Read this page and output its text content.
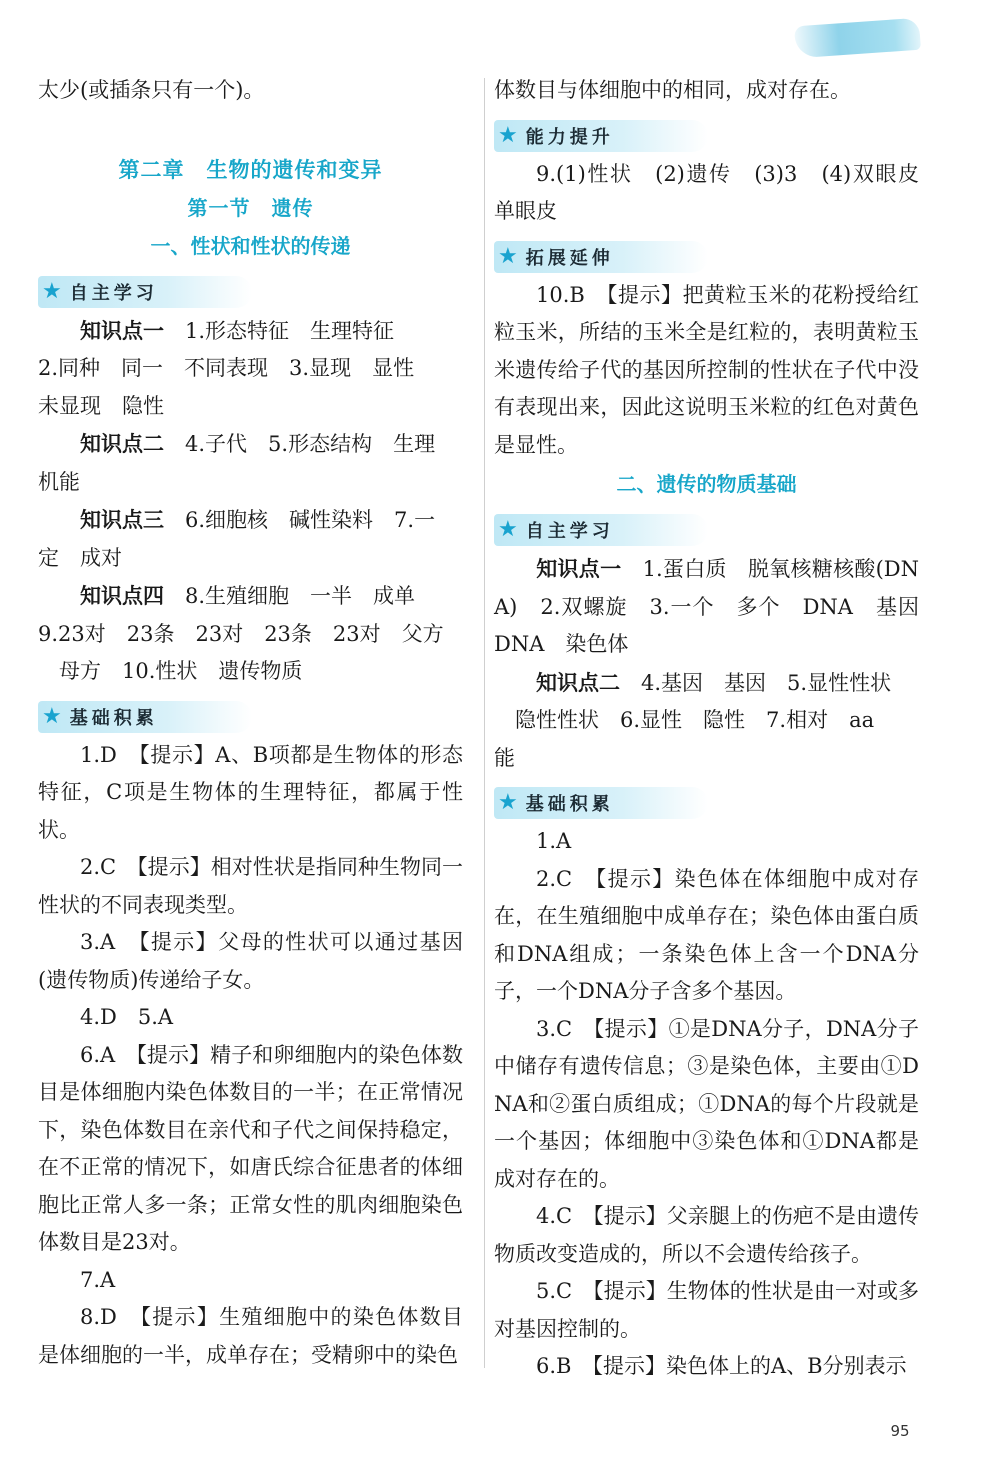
太少(或插条只有一个)。

第二章　生物的遗传和变异

第一节　遗传

一、性状和性状的传递

★ 自主学习

知识点一　 1.形态特征　生理特征

2.同种　同一　不同表现　3.显现　显性

未显现　隐性

知识点二　 4.子代　5.形态结构　生理

机能

知识点三　 6.细胞核　碱性染料　7.一

定　成对

知识点四　 8.生殖细胞　一半　成单

9.23对　23条　23对　23条　23对　父方

母方　10.性状　遗传物质

★ 基础积累

1.D　【提示】A、B项都是生物体的形态特征，C项是生物体的生理特征，都属于性状。

2.C　【提示】相对性状是指同种生物同一性状的不同表现类型。

3.A　【提示】父母的性状可以通过基因(遗传物质)传递给子女。

4.D　5.A

6.A　【提示】精子和卵细胞内的染色体数目是体细胞内染色体数目的一半；在正常情况下，染色体数目在亲代和子代之间保持稳定，在不正常的情况下，如唐氏综合征患者的体细胞比正常人多一条；正常女性的肌肉细胞染色体数目是23对。

7.A

8.D　【提示】生殖细胞中的染色体数目是体细胞的一半，成单存在；受精卵中的染色

体数目与体细胞中的相同，成对存在。

★ 能力提升

9.(1)性状　(2)遗传　(3)3　(4)双眼皮　单眼皮

★ 拓展延伸

10.B　【提示】把黄粒玉米的花粉授给红粒玉米，所结的玉米全是红粒的，表明黄粒玉米遗传给子代的基因所控制的性状在子代中没有表现出来，因此这说明玉米粒的红色对黄色是显性。

二、遗传的物质基础

★ 自主学习

知识点一　 1.蛋白质　脱氧核糖核酸(DNA)　2.双螺旋　3.一个　多个　DNA　基因　DNA　染色体

知识点二　 4.基因　基因　5.显性性状

隐性性状　6.显性　隐性　7.相对　aa

能

★ 基础积累

1.A

2.C　【提示】染色体在体细胞中成对存在，在生殖细胞中成单存在；染色体由蛋白质和DNA组成；一条染色体上含一个DNA分子，一个DNA分子含多个基因。

3.C　【提示】①是DNA分子，DNA分子中储存有遗传信息；③是染色体，主要由①DNA和②蛋白质组成；①DNA的每个片段就是一个基因；体细胞中③染色体和①DNA都是成对存在的。

4.C　【提示】父亲腿上的伤疤不是由遗传物质改变造成的，所以不会遗传给孩子。

5.C　【提示】生物体的性状是由一对或多对基因控制的。

6.B　【提示】染色体上的A、B分别表示

95
